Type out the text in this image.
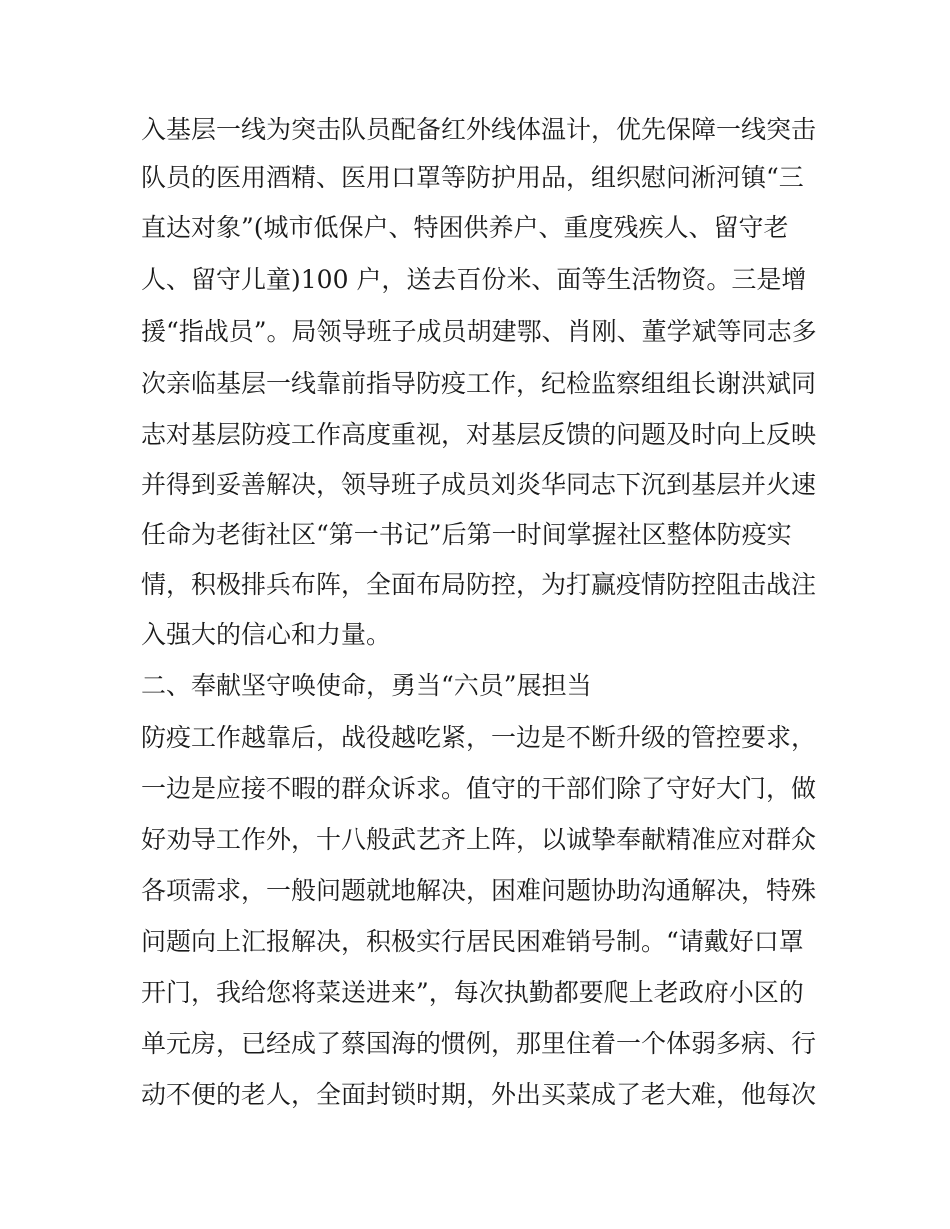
入基层一线为突击队员配备红外线体温计，优先保障一线突击
队员的医用酒精、医用口罩等防护用品，组织慰问淅河镇“三
直达对象”(城市低保户、特困供养户、重度残疾人、留守老
人、留守儿童)100 户，送去百份米、面等生活物资。三是增
援“指战员”。局领导班子成员胡建鄂、肖刚、董学斌等同志多
次亲临基层一线靠前指导防疫工作，纪检监察组组长谢洪斌同
志对基层防疫工作高度重视，对基层反馈的问题及时向上反映
并得到妥善解决，领导班子成员刘炎华同志下沉到基层并火速
任命为老街社区“第一书记”后第一时间掌握社区整体防疫实
情，积极排兵布阵，全面布局防控，为打赢疫情防控阻击战注
入强大的信心和力量。
二、奉献坚守唤使命，勇当“六员”展担当
防疫工作越靠后，战役越吃紧，一边是不断升级的管控要求，
一边是应接不暇的群众诉求。值守的干部们除了守好大门，做
好劝导工作外，十八般武艺齐上阵，以诚挚奉献精准应对群众
各项需求，一般问题就地解决，困难问题协助沟通解决，特殊
问题向上汇报解决，积极实行居民困难销号制。“请戴好口罩
开门，我给您将菜送进来”，每次执勤都要爬上老政府小区的
单元房，已经成了蔡国海的惯例，那里住着一个体弱多病、行
动不便的老人，全面封锁时期，外出买菜成了老大难，他每次
